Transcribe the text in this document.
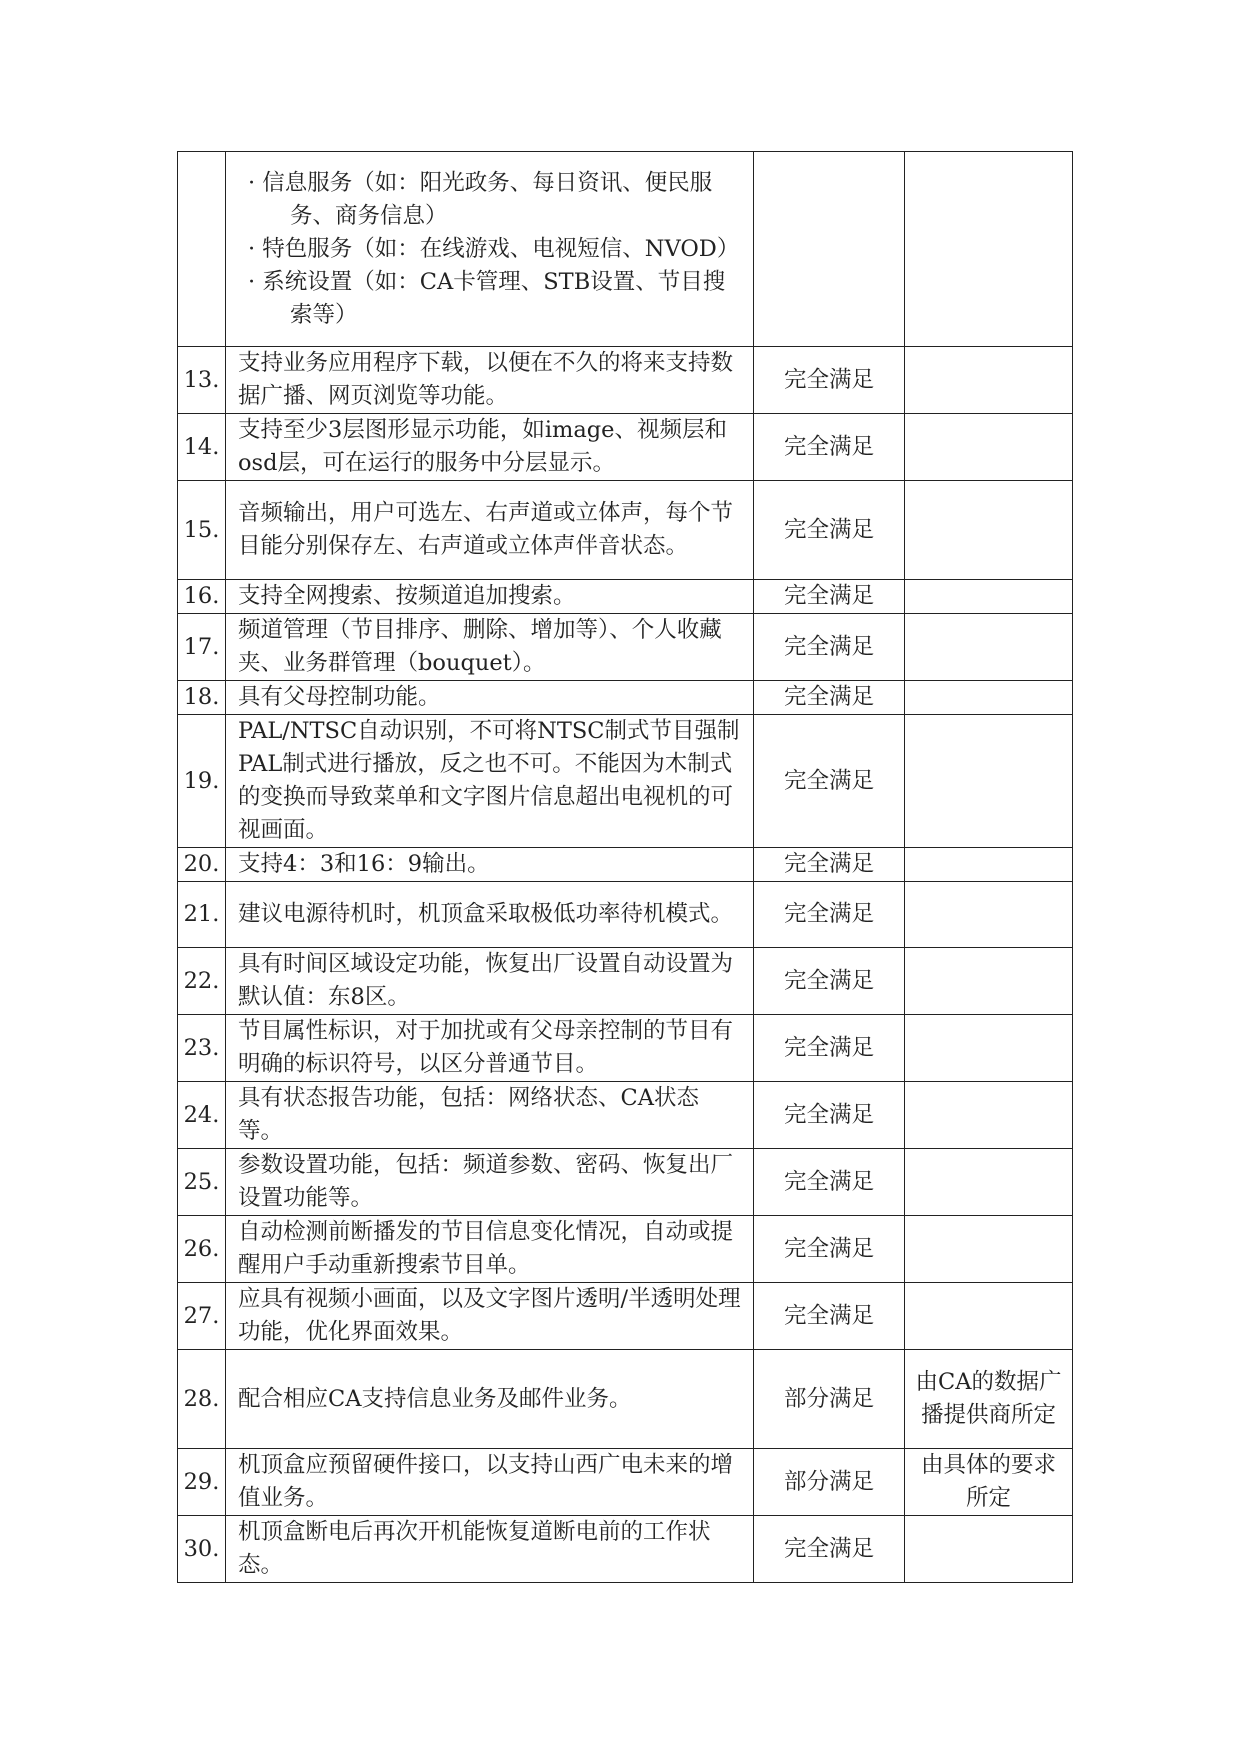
	· 信息服务（如：阳光政务、每日资讯、便民服务、商务信息）
· 特色服务（如：在线游戏、电视短信、NVOD）
· 系统设置（如：CA卡管理、STB设置、节目搜索等）		

13.	支持业务应用程序下载，以便在不久的将来支持数据广播、网页浏览等功能。	完全满足	
14.	支持至少3层图形显示功能，如image、视频层和osd层，可在运行的服务中分层显示。	完全满足	
15.	音频输出，用户可选左、右声道或立体声，每个节目能分别保存左、右声道或立体声伴音状态。	完全满足	
16.	支持全网搜索、按频道追加搜索。	完全满足	
17.	频道管理（节目排序、删除、增加等）、个人收藏夹、业务群管理（bouquet）。	完全满足	
18.	具有父母控制功能。	完全满足	
19.	PAL/NTSC自动识别，不可将NTSC制式节目强制PAL制式进行播放，反之也不可。不能因为木制式的变换而导致菜单和文字图片信息超出电视机的可视画面。	完全满足	
20.	支持4：3和16：9输出。	完全满足	
21.	建议电源待机时，机顶盒采取极低功率待机模式。	完全满足	
22.	具有时间区域设定功能，恢复出厂设置自动设置为默认值：东8区。	完全满足	
23.	节目属性标识，对于加扰或有父母亲控制的节目有明确的标识符号，以区分普通节目。	完全满足	
24.	具有状态报告功能，包括：网络状态、CA状态等。	完全满足	
25.	参数设置功能，包括：频道参数、密码、恢复出厂设置功能等。	完全满足	
26.	自动检测前断播发的节目信息变化情况，自动或提醒用户手动重新搜索节目单。	完全满足	
27.	应具有视频小画面，以及文字图片透明/半透明处理功能，优化界面效果。	完全满足	
28.	配合相应CA支持信息业务及邮件业务。	部分满足	由CA的数据广播提供商所定
29.	机顶盒应预留硬件接口，以支持山西广电未来的增值业务。	部分满足	由具体的要求所定
30.	机顶盒断电后再次开机能恢复道断电前的工作状态。	完全满足	
